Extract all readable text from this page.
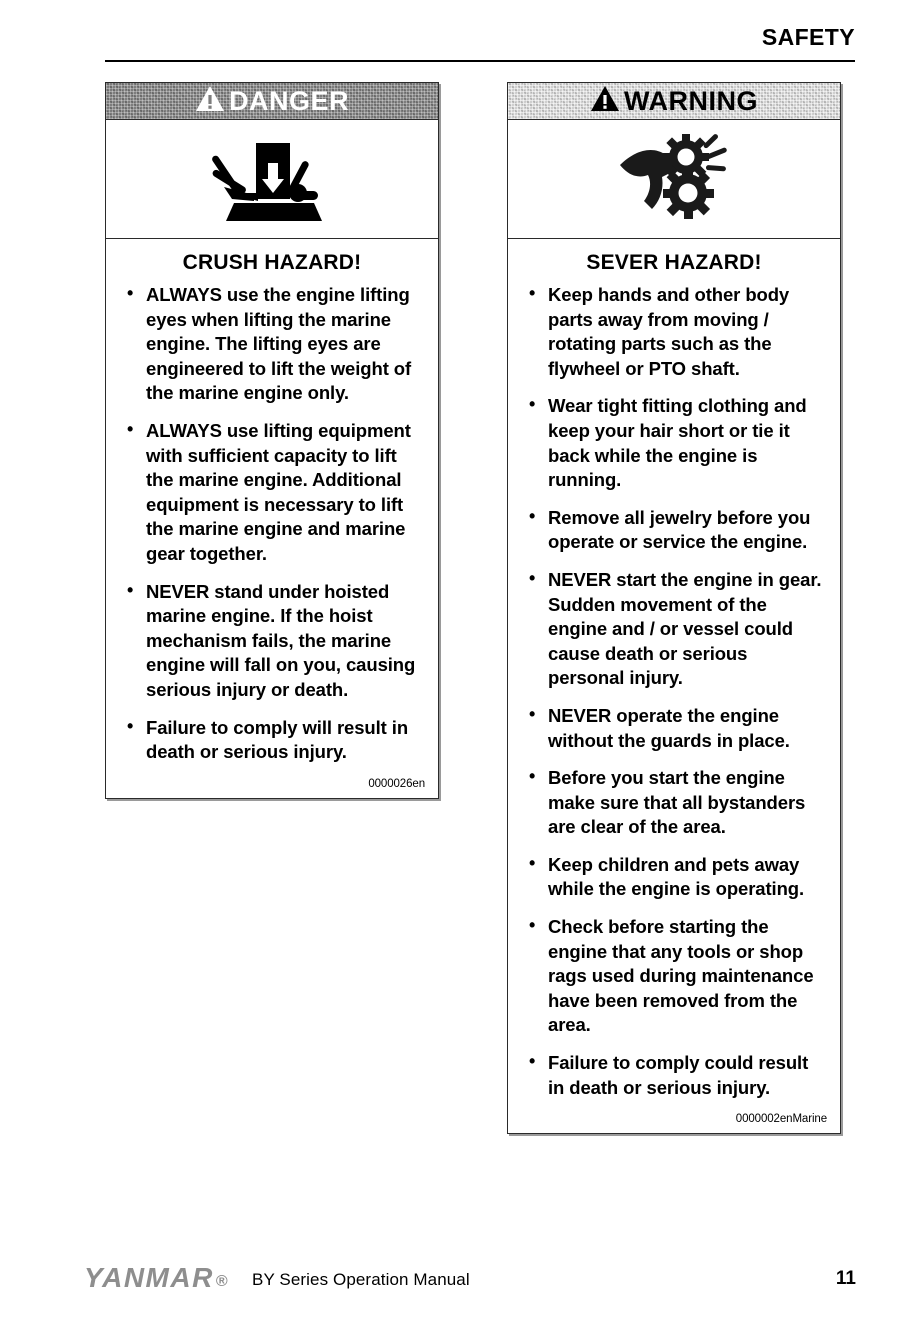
SAFETY
DANGER
CRUSH HAZARD!
• ALWAYS use the engine lifting eyes when lifting the marine engine. The lifting eyes are engineered to lift the weight of the marine engine only.
• ALWAYS use lifting equipment with sufficient capacity to lift the marine engine. Additional equipment is necessary to lift the marine engine and marine gear together.
• NEVER stand under hoisted marine engine. If the hoist mechanism fails, the marine engine will fall on you, causing serious injury or death.
• Failure to comply will result in death or serious injury.
0000026en
WARNING
SEVER HAZARD!
• Keep hands and other body parts away from moving / rotating parts such as the flywheel or PTO shaft.
• Wear tight fitting clothing and keep your hair short or tie it back while the engine is running.
• Remove all jewelry before you operate or service the engine.
• NEVER start the engine in gear. Sudden movement of the engine and / or vessel could cause death or serious personal injury.
• NEVER operate the engine without the guards in place.
• Before you start the engine make sure that all bystanders are clear of the area.
• Keep children and pets away while the engine is operating.
• Check before starting the engine that any tools or shop rags used during maintenance have been removed from the area.
• Failure to comply could result in death or serious injury.
0000002enMarine
YANMAR ® BY Series Operation Manual	11
